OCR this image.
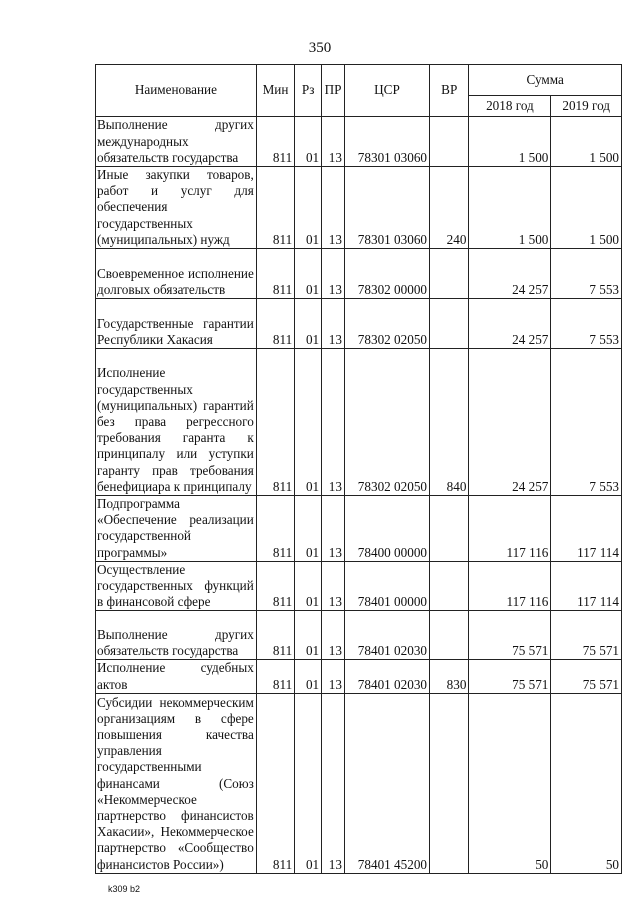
350
Наименование	Мин	Рз	ПР	ЦСР	ВР	Сумма	
						2018 год	2019 год
Выполнение других международных обязательств государства	811	01	13	78301 03060		1 500	1 500
Иные закупки товаров, работ и услуг для обеспечения государственных (муниципальных) нужд	811	01	13	78301 03060	240	1 500	1 500
Своевременное исполнение долговых обязательств	811	01	13	78302 00000		24 257	7 553
Государственные гарантии Республики Хакасия	811	01	13	78302 02050		24 257	7 553
Исполнение государственных (муниципальных) гарантий без права регрессного требования гаранта к принципалу или уступки гаранту прав требования бенефициара к принципалу	811	01	13	78302 02050	840	24 257	7 553
Подпрограмма «Обеспечение реализации государственной программы»	811	01	13	78400 00000		117 116	117 114
Осуществление государственных функций в финансовой сфере	811	01	13	78401 00000		117 116	117 114
Выполнение других обязательств государства	811	01	13	78401 02030		75 571	75 571
Исполнение судебных актов	811	01	13	78401 02030	830	75 571	75 571
Субсидии некоммерческим организациям в сфере повышения качества управления государственными финансами (Союз «Некоммерческое партнерство финансистов Хакасии», Некоммерческое партнерство «Сообщество финансистов России»)	811	01	13	78401 45200		50	50
k309 b2
